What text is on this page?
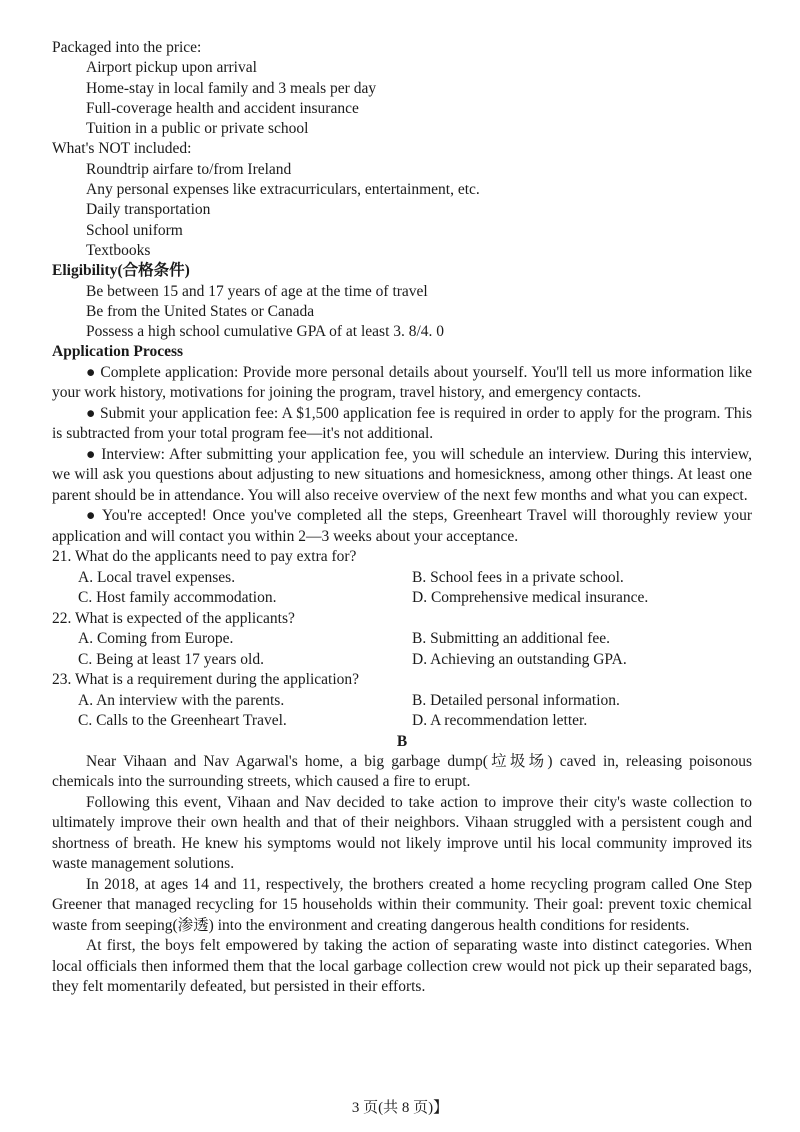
Packaged into the price:
Airport pickup upon arrival
Home-stay in local family and 3 meals per day
Full-coverage health and accident insurance
Tuition in a public or private school
What's NOT included:
Roundtrip airfare to/from Ireland
Any personal expenses like extracurriculars, entertainment, etc.
Daily transportation
School uniform
Textbooks
Eligibility(合格条件)
Be between 15 and 17 years of age at the time of travel
Be from the United States or Canada
Possess a high school cumulative GPA of at least 3. 8/4. 0
Application Process
● Complete application: Provide more personal details about yourself. You'll tell us more information like your work history, motivations for joining the program, travel history, and emergency contacts.
● Submit your application fee: A $1,500 application fee is required in order to apply for the program. This is subtracted from your total program fee—it's not additional.
● Interview: After submitting your application fee, you will schedule an interview. During this interview, we will ask you questions about adjusting to new situations and homesickness, among other things. At least one parent should be in attendance. You will also receive overview of the next few months and what you can expect.
● You're accepted! Once you've completed all the steps, Greenheart Travel will thoroughly review your application and will contact you within 2—3 weeks about your acceptance.
21. What do the applicants need to pay extra for?
A. Local travel expenses.	B. School fees in a private school.
C. Host family accommodation.	D. Comprehensive medical insurance.
22. What is expected of the applicants?
A. Coming from Europe.	B. Submitting an additional fee.
C. Being at least 17 years old.	D. Achieving an outstanding GPA.
23. What is a requirement during the application?
A. An interview with the parents.	B. Detailed personal information.
C. Calls to the Greenheart Travel.	D. A recommendation letter.
B
Near Vihaan and Nav Agarwal's home, a big garbage dump(垃圾场) caved in, releasing poisonous chemicals into the surrounding streets, which caused a fire to erupt.
Following this event, Vihaan and Nav decided to take action to improve their city's waste collection to ultimately improve their own health and that of their neighbors. Vihaan struggled with a persistent cough and shortness of breath. He knew his symptoms would not likely improve until his local community improved its waste management solutions.
In 2018, at ages 14 and 11, respectively, the brothers created a home recycling program called One Step Greener that managed recycling for 15 households within their community. Their goal: prevent toxic chemical waste from seeping(渗透) into the environment and creating dangerous health conditions for residents.
At first, the boys felt empowered by taking the action of separating waste into distinct categories. When local officials then informed them that the local garbage collection crew would not pick up their separated bags, they felt momentarily defeated, but persisted in their efforts.
3 页(共 8 页)】
